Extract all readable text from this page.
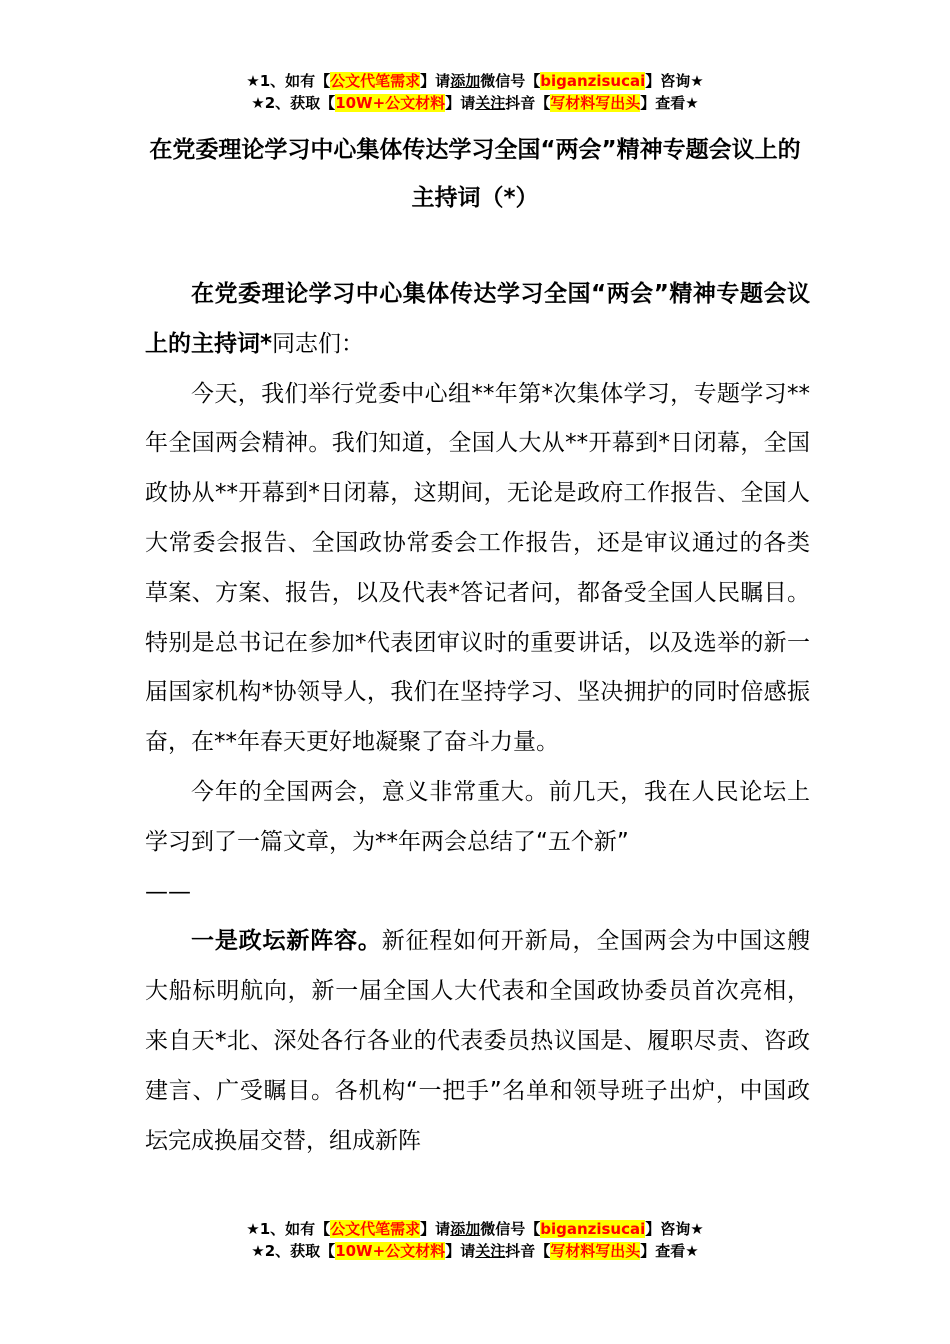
★1、如有【公文代笔需求】请添加微信号【biganzisucai】咨询★
★2、获取【10W+公文材料】请关注抖音【写材料写出头】查看★
在党委理论学习中心集体传达学习全国“两会”精神专题会议上的主持词（*）

在党委理论学习中心集体传达学习全国“两会”精神专题会议上的主持词*同志们：

今天，我们举行党委中心组**年第*次集体学习，专题学习**年全国两会精神。我们知道，全国人大从**开幕到*日闭幕，全国政协从**开幕到*日闭幕，这期间，无论是政府工作报告、全国人大常委会报告、全国政协常委会工作报告，还是审议通过的各类草案、方案、报告，以及代表*答记者问，都备受全国人民瞩目。特别是总书记在参加*代表团审议时的重要讲话，以及选举的新一届国家机构*协领导人，我们在坚持学习、坚决拥护的同时倍感振奋，在**年春天更好地凝聚了奋斗力量。

今年的全国两会，意义非常重大。前几天，我在人民论坛上学习到了一篇文章，为**年两会总结了“五个新”

——

一是政坛新阵容。新征程如何开新局，全国两会为中国这艘大船标明航向，新一届全国人大代表和全国政协委员首次亮相，来自天*北、深处各行各业的代表委员热议国是、履职尽责、咨政建言、广受瞩目。各机构“一把手”名单和领导班子出炉，中国政坛完成换届交替，组成新阵

★1、如有【公文代笔需求】请添加微信号【biganzisucai】咨询★
★2、获取【10W+公文材料】请关注抖音【写材料写出头】查看★
